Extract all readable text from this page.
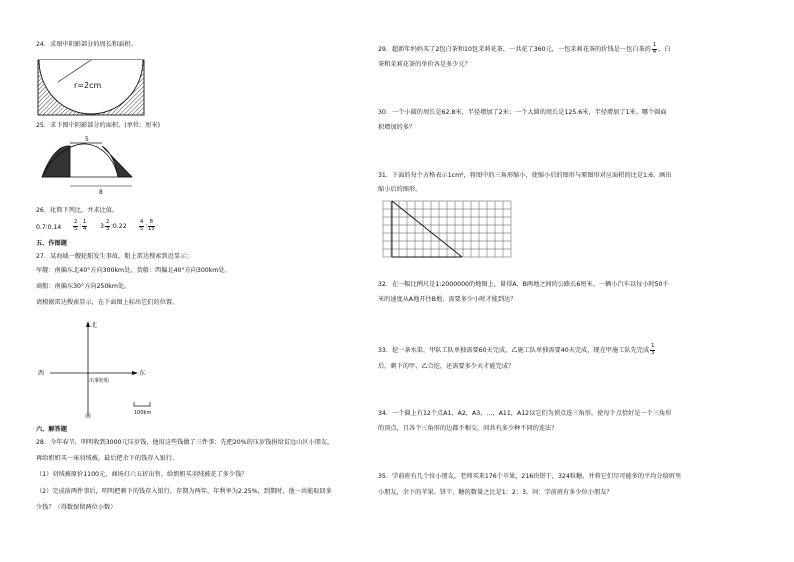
24．求图中阴影部分的周长和面积。
r=2cm
25．求下图中阴影部分的面积。(单位：厘米)
5
8
26．化简下列比，并求比值。
0.7∶0.14 $\frac{2}{5}$ ∶ $\frac{1}{4} 3 \frac{2}{3}$ ∶0.22 $\frac{4}{5}$ ∶ $\frac{8}{15}$
五、作图题
27．某海域一艘轮船发生事故，船上雷达搜索到近显示：
军舰：南偏东北40°方向300km处，货船：西偏北40°方向300km处。
商船：南偏东30°方向250km处。
请根据雷达搜索显示，在下面图上标出它们的位置。
北
南
东
西
出事轮船
100km
六、解答题
28．今年春节，明明收到3000元压岁钱，他用这些钱做了三件事：先把20%的压岁钱捐给贫远山区小朋友，
再给奶奶买一床羽绒被，最后把余下的钱存入银行。
（1）羽绒被原价1100元，商场打六五折出售，给奶奶买羽绒被花了多少钱？
（2）完成前两件事后，明明把剩下的钱存入银行，存期为两年，年利率为2.25%，到期时，他一共能取回多
少钱？（得数保留两位小数）
29．超新年妈妈买了2包白茶和10包茉莉花茶，一共花了360元，一包茉莉花茶的价钱是一包白茶的 $\frac{1}{4}$ ，白
茶和茉莉花茶的单价各是多少元？
30．一个小圆的周长是62.8米，半径增加了2米；一个大圆的周长是125.6米，半径增加了1米。哪个圆面
积增加的多？
31．下面的每个方格表示1cm²，将图中的三角形缩小，使缩小后的图形与原图形对应面积的比是1:6，画出
缩小后的图形。
32．在一幅比例尺是1:2000000的地图上，量得A、B两地之间的公路长6厘米。一辆小汽车以每小时50千
米的速度从A地开往B地，需要多少小时才能到达？
33．挖一条水渠，甲队工队单独需要60天完成，乙施工队单独需要40天完成，现在甲施工队先完成 $\frac{1}{3}$
后，剩下的甲、乙合挖，还需要多少天才能完成？
34．一个圆上有12个点A1，A2，A3，…，A11，A12以它们为顶点连三角形，使每个点恰好是一个三角形
的顶点，且各个三角形的边都不相交。问共有多少种不同的连法？
35．学前班有几个位小朋友，老师买来176个苹果，216块饼干，324粒糖，并将它们尽可能多的平均分给班里
小朋友，余下的苹果、饼干、糖的数量之比是1：2：3。问：学前班有多少位小朋友？
